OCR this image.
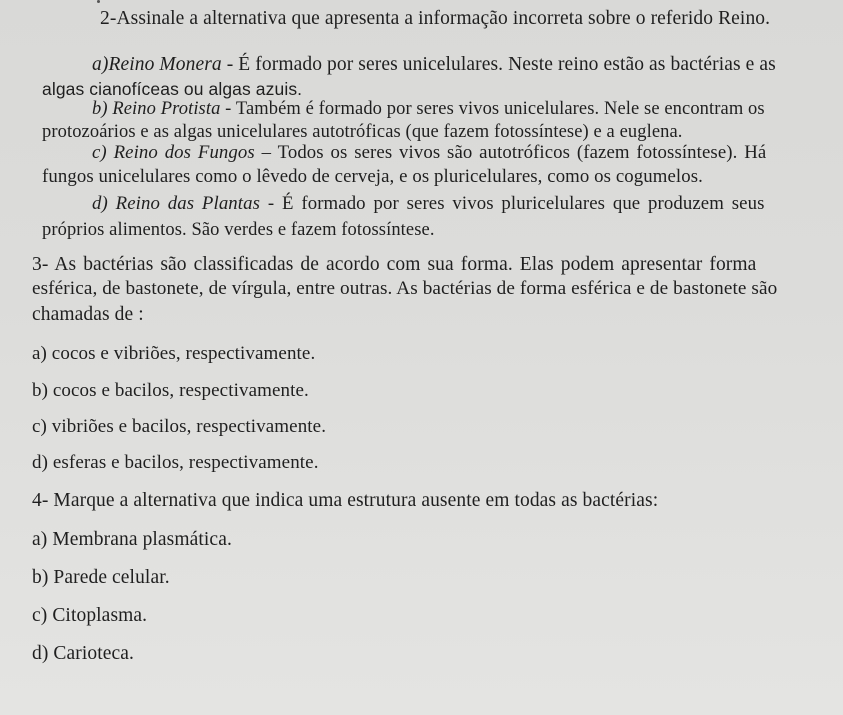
2-Assinale a alternativa que apresenta a informação incorreta sobre o referido Reino.
a)Reino Monera - É formado por seres unicelulares. Neste reino estão as bactérias e as
algas cianofíceas ou algas azuis.
b) Reino Protista - Também é formado por seres vivos unicelulares. Nele se encontram os
protozoários e as algas unicelulares autotróficas (que fazem fotossíntese) e a euglena.
c) Reino dos Fungos – Todos os seres vivos são autotróficos (fazem fotossíntese). Há
fungos unicelulares como o lêvedo de cerveja, e os pluricelulares, como os cogumelos.
d) Reino das Plantas - É formado por seres vivos pluricelulares que produzem seus
próprios alimentos. São verdes e fazem fotossíntese.
3- As bactérias são classificadas de acordo com sua forma. Elas podem apresentar forma
esférica, de bastonete, de vírgula, entre outras. As bactérias de forma esférica e de bastonete são
chamadas de :
a) cocos e vibriões, respectivamente.
b) cocos e bacilos, respectivamente.
c) vibriões e bacilos, respectivamente.
d) esferas e bacilos, respectivamente.
4- Marque a alternativa que indica uma estrutura ausente em todas as bactérias:
a) Membrana plasmática.
b) Parede celular.
c) Citoplasma.
d) Carioteca.
